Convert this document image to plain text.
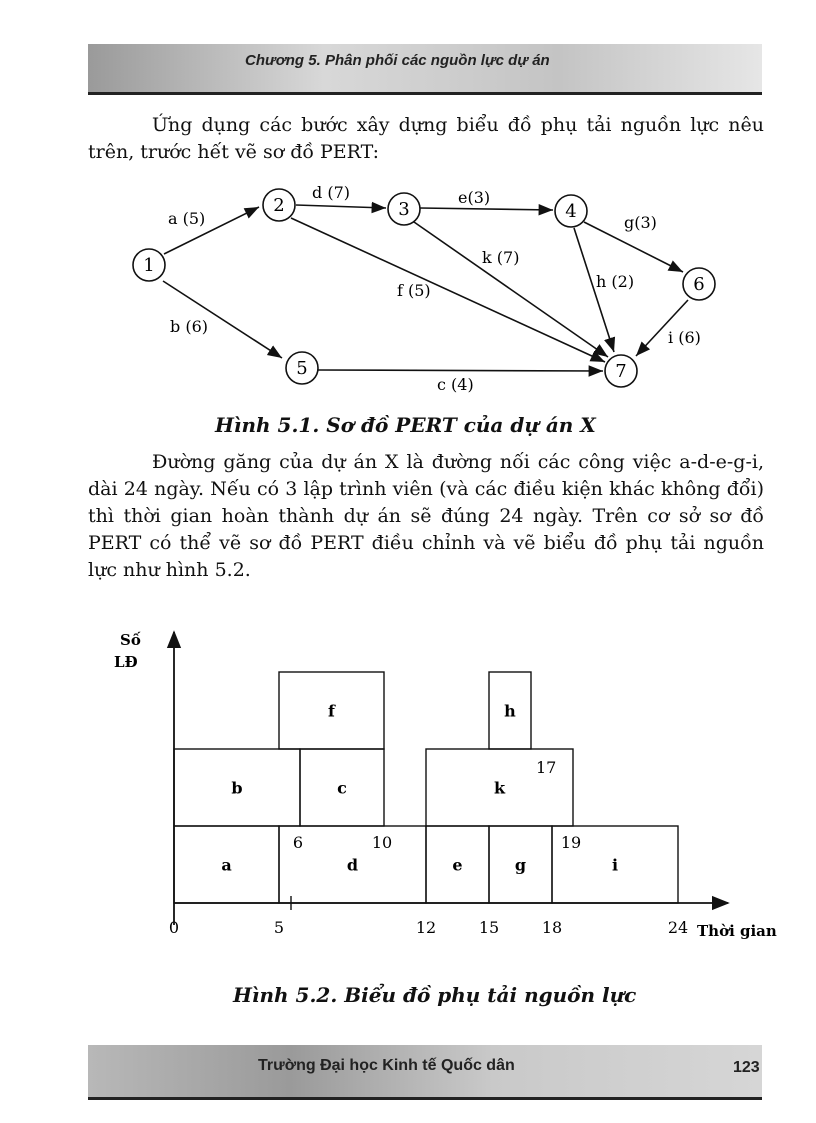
Chương 5. Phân phối các nguồn lực dự án

Ứng dụng các bước xây dựng biểu đồ phụ tải nguồn lực nêu trên, trước hết vẽ sơ đồ PERT:

1
2	3	4
5
6
7
a (5)
b (6)
d (7)
f (5)
e(3)
k (7)
g(3)
h (2)
i (6)
c (4)
Hình 5.1. Sơ đồ PERT của dự án X

Đường găng của dự án X là đường nối các công việc a-d-e-g-i, dài 24 ngày. Nếu có 3 lập trình viên (và các điều kiện khác không đổi) thì thời gian hoàn thành dự án sẽ đúng 24 ngày. Trên cơ sở sơ đồ PERT có thể vẽ sơ đồ PERT điều chỉnh và vẽ biểu đồ phụ tải nguồn lực như hình 5.2.

Số
LĐ
Thời gian
a	d	e	g	i
b	c	k
f	h
0	5	12	15	18	24
6	10
17
19
Hình 5.2. Biểu đồ phụ tải nguồn lực
Trường Đại học Kinh tế Quốc dân	123
